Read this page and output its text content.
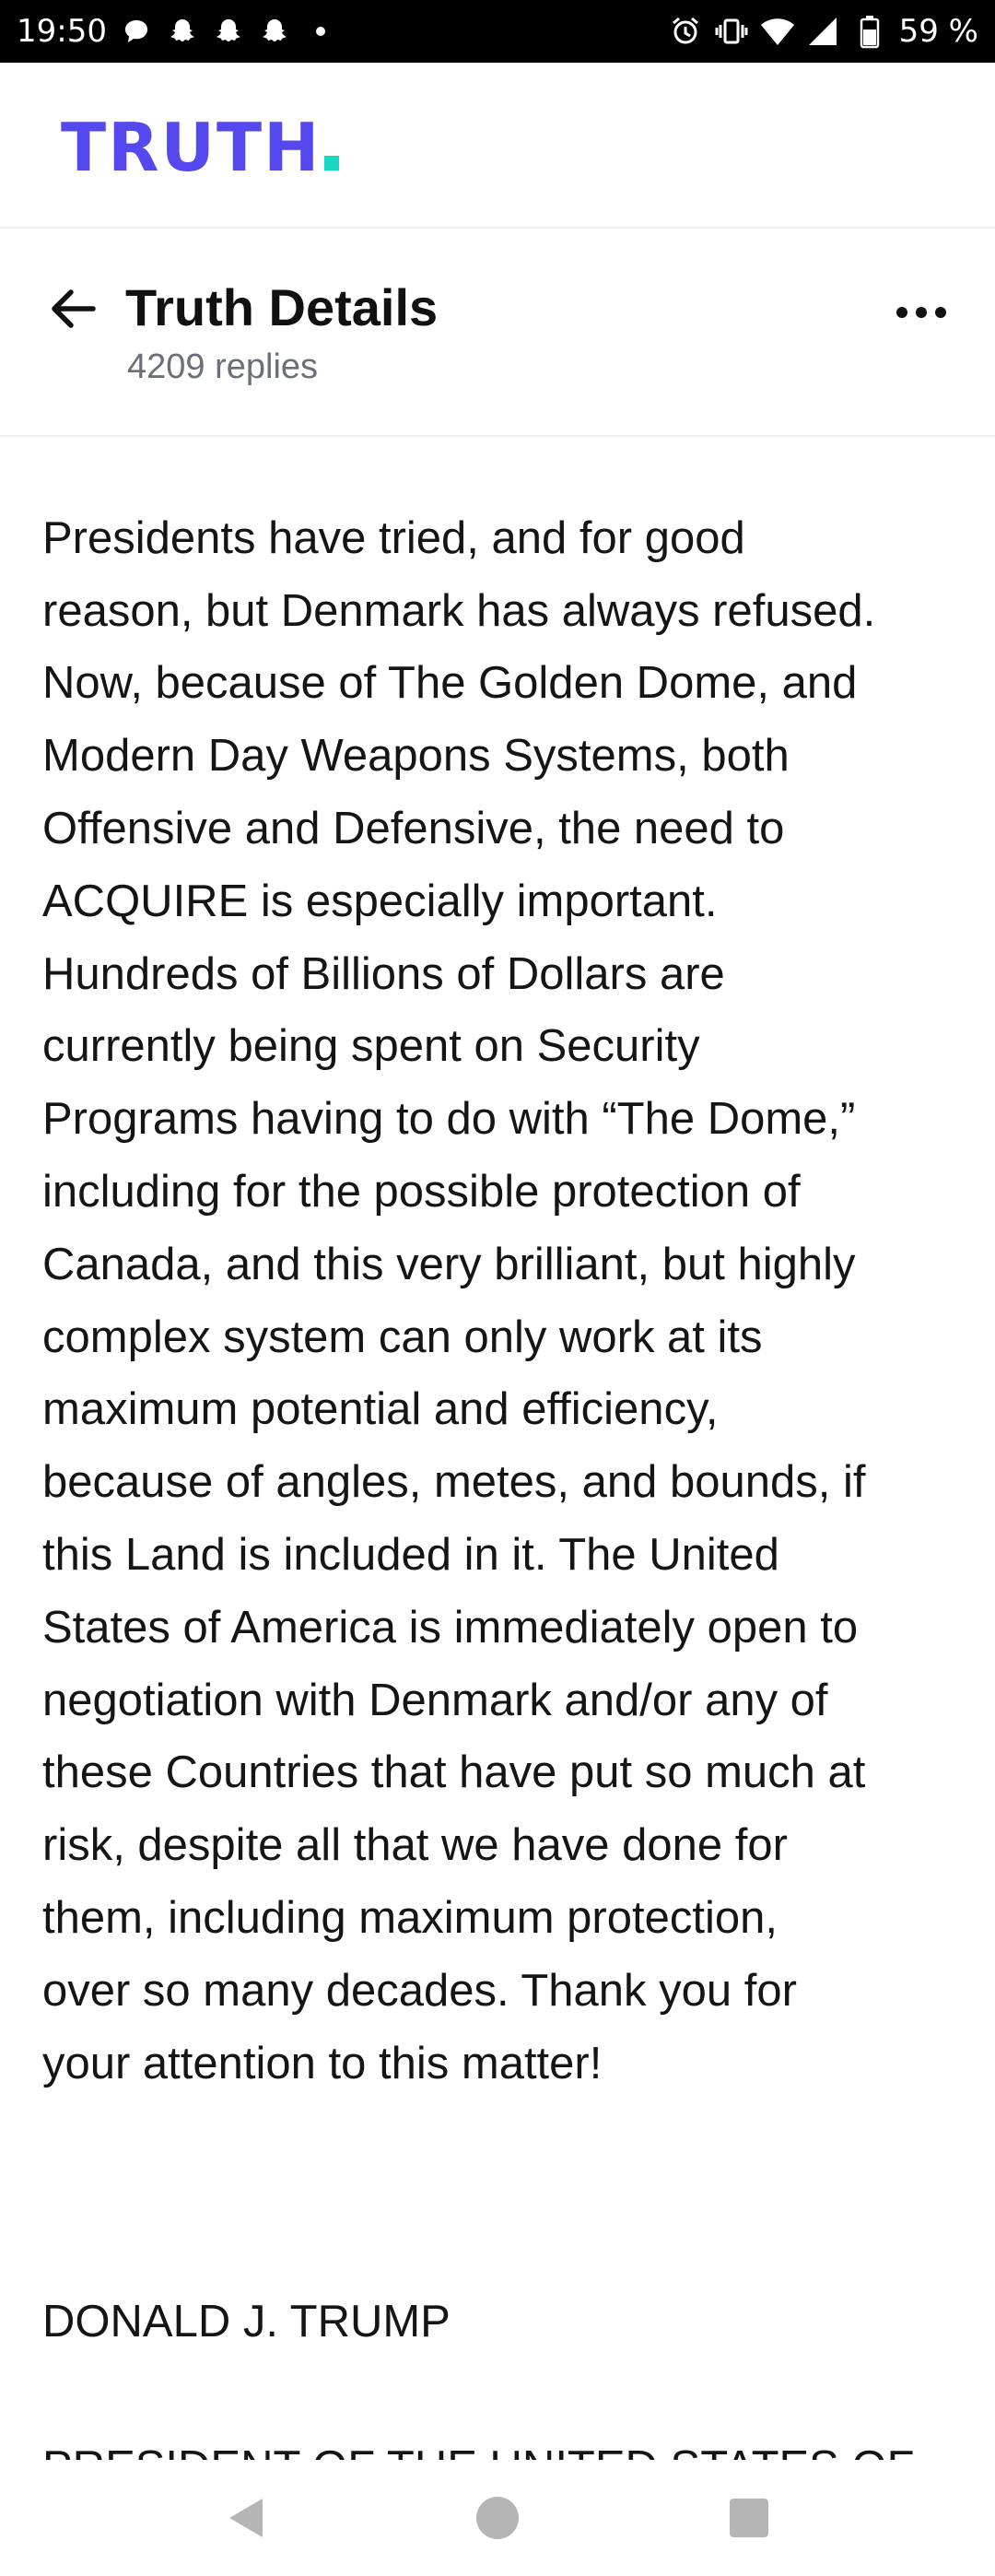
19:50	59 %
TRUTH
Truth Details
4209 replies

Presidents have tried, and for good
reason, but Denmark has always refused.
Now, because of The Golden Dome, and
Modern Day Weapons Systems, both
Offensive and Defensive, the need to
ACQUIRE is especially important.
Hundreds of Billions of Dollars are
currently being spent on Security
Programs having to do with “The Dome,”
including for the possible protection of
Canada, and this very brilliant, but highly
complex system can only work at its
maximum potential and efficiency,
because of angles, metes, and bounds, if
this Land is included in it. The United
States of America is immediately open to
negotiation with Denmark and/or any of
these Countries that have put so much at
risk, despite all that we have done for
them, including maximum protection,
over so many decades. Thank you for
your attention to this matter!

DONALD J. TRUMP
